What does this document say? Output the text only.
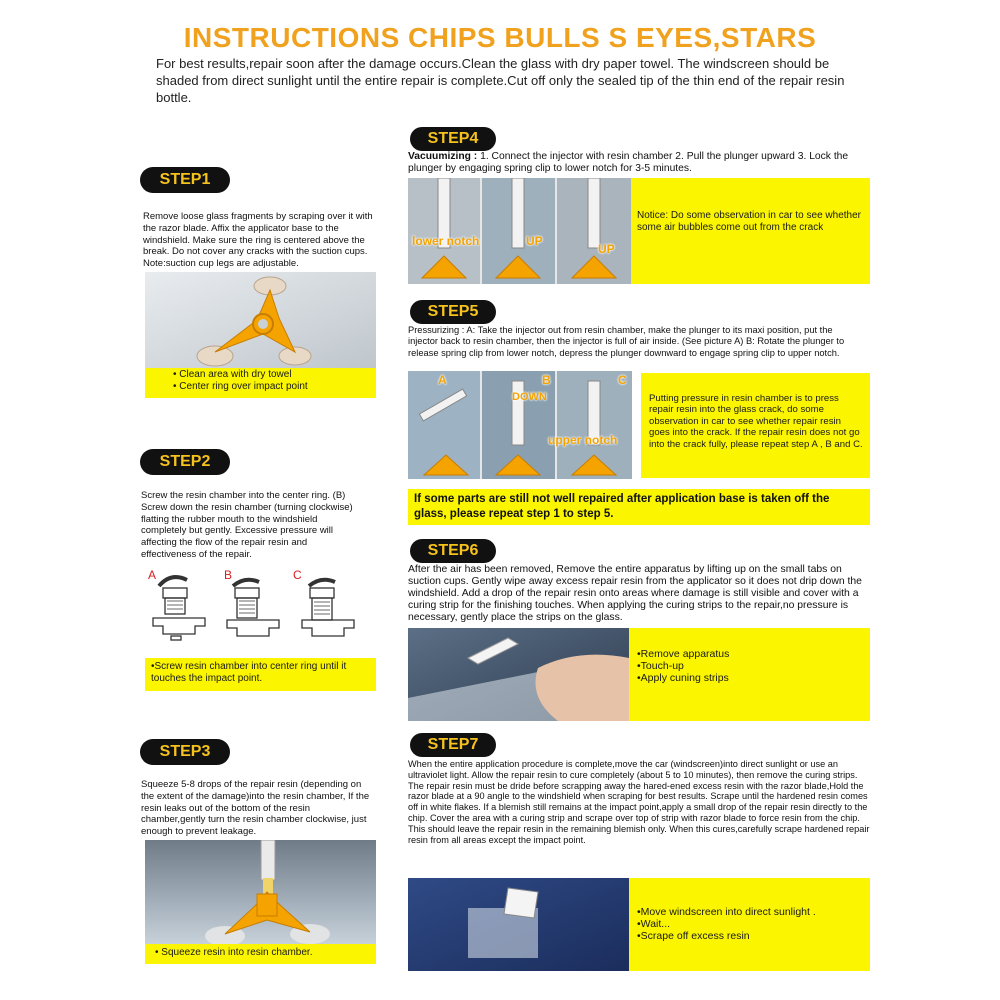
INSTRUCTIONS CHIPS BULLS S EYES,STARS
For best results,repair soon after the damage occurs.Clean the glass with dry paper towel. The windscreen should be shaded from direct sunlight until the entire repair is complete.Cut off only the sealed tip of the thin end of the repair resin bottle.
STEP1
Remove loose glass fragments by scraping over it with the razor blade. Affix the applicator base to the windshield. Make sure the ring is centered above the break. Do not cover any cracks with the suction cups. Note:suction cup legs are adjustable.
• Clean area with dry towel
• Center ring over impact point
STEP2
Screw the resin chamber into the center ring. (B) Screw down the resin chamber (turning clockwise) flatting the rubber mouth to the windshield completely but gently. Excessive pressure will affecting the flow of the repair resin and effectiveness of the repair.
A	B	C
•Screw resin chamber into center ring until it touches the impact point.
STEP3
Squeeze 5-8 drops of the repair resin (depending on the extent of the damage)into the resin chamber, If the resin leaks out of the bottom of the resin chamber,gently turn the resin chamber clockwise, just enough to prevent leakage.
• Squeeze resin into resin chamber.
STEP4
Vacuumizing : 1. Connect the injector with resin chamber 2. Pull the plunger upward 3. Lock the plunger by engaging spring clip to lower notch for 3-5 minutes.
lower notch	UP
UP
Notice: Do some observation in car to see whether some air bubbles come out from the crack
STEP5
Pressurizing : A: Take the injector out from resin chamber, make the plunger to its maxi position, put the injector back to resin chamber, then the injector is full of air inside. (See picture A) B: Rotate the plunger to release spring clip from lower notch, depress the plunger downward to engage spring clip to upper notch.
A	B	C
DOWN
upper notch
Putting pressure in resin chamber is to press repair resin into the glass crack, do some observation in car to see whether repair resin goes into the crack. If the repair resin does not go into the crack fully, please repeat step A , B and C.
If some parts are still not well repaired after application base is taken off the glass, please repeat step 1 to step 5.
STEP6
After the air has been removed, Remove the entire apparatus by lifting up on the small tabs on suction cups. Gently wipe away excess repair resin from the applicator so it does not drip down the windshield. Add a drop of the repair resin onto areas where damage is still visible and cover with a curing strip for the finishing touches. When applying the curing strips to the repair,no pressure is necessary, gently place the strips on the glass.
•Remove apparatus
•Touch-up
•Apply cuning strips
STEP7
When the entire application procedure is complete,move the car (windscreen)into direct sunlight or use an ultraviolet light. Allow the repair resin to cure completely (about 5 to 10 minutes), then remove the curing strips. The repair resin must be dride before scrapping away the hared-ened excess resin with the razor blade,Hold the razor blade at a 90 angle to the windshield when scraping for best results. Scrape until the hardened resin comes off in white flakes. If a blemish still remains at the impact point,apply a small drop of the repair resin directly to the chip. Cover the area with a curing strip and scrape over top of strip with razor blade to force resin from the chip. This should leave the repair resin in the remaining blemish only. When this cures,carefully scrape hardened repair resin from all areas except the impact point.
•Move windscreen into direct sunlight .
•Wait...
•Scrape off excess resin
